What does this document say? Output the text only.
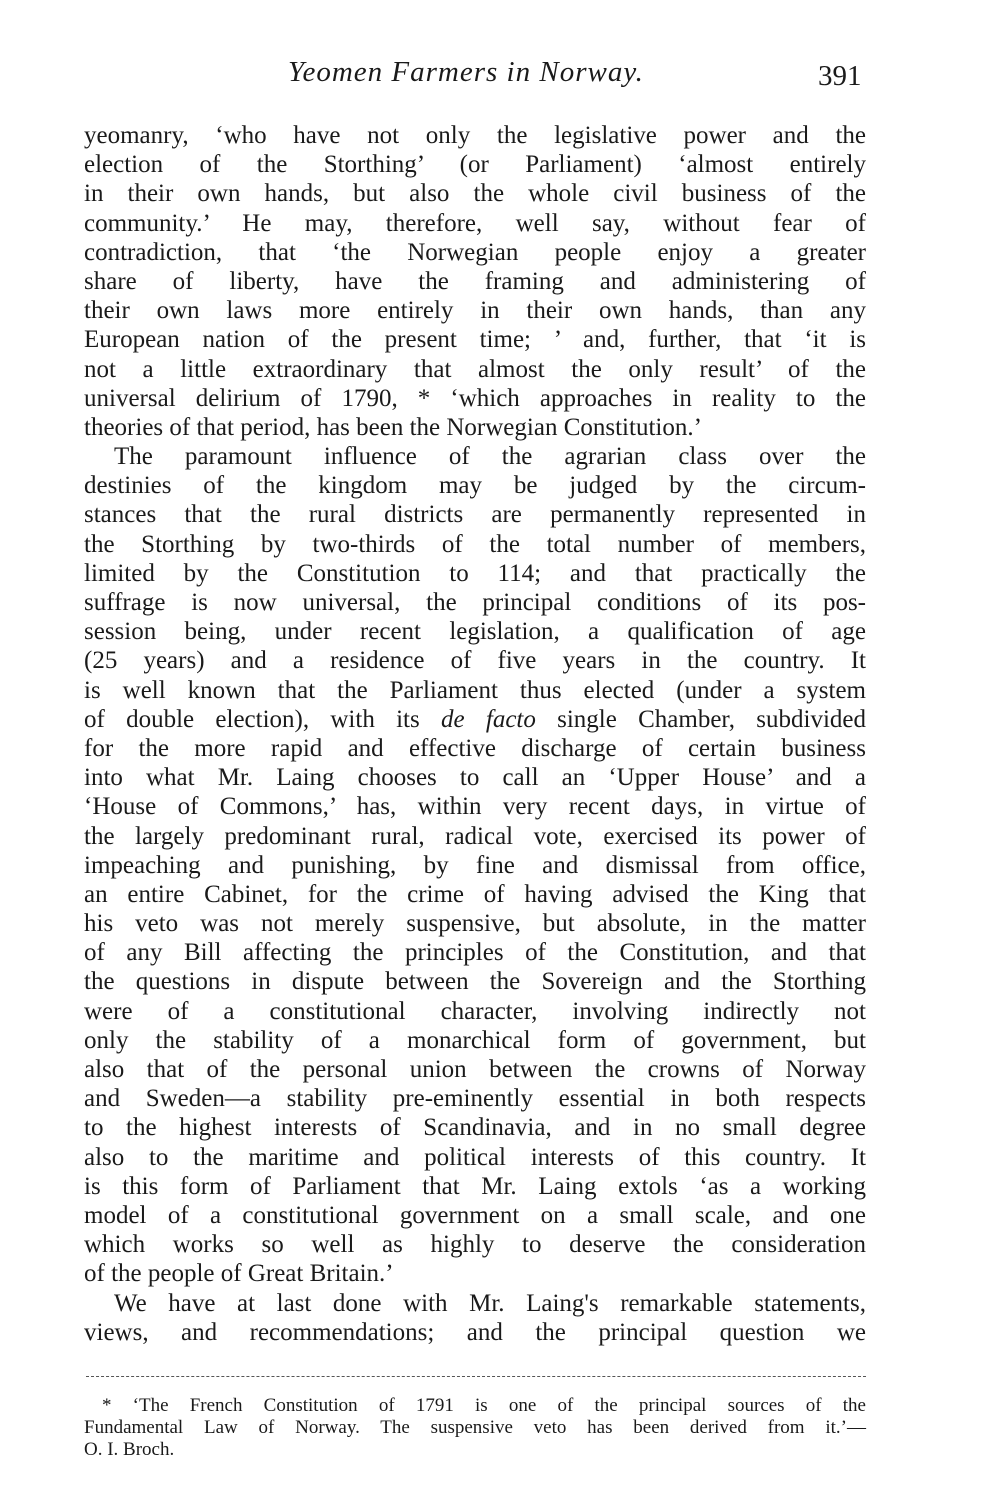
Yeomen Farmers in Norway.	391
yeomanry, ‘who have not only the legislative power and the
election of the Storthing’ (or Parliament) ‘almost entirely
in their own hands, but also the whole civil business of the
community.’ He may, therefore, well say, without fear of
contradiction, that ‘the Norwegian people enjoy a greater
share of liberty, have the framing and administering of
their own laws more entirely in their own hands, than any
European nation of the present time; ’ and, further, that ‘it is
not a little extraordinary that almost the only result’ of the
universal delirium of 1790, * ‘which approaches in reality to the
theories of that period, has been the Norwegian Constitution.’
The paramount influence of the agrarian class over the
destinies of the kingdom may be judged by the circum-
stances that the rural districts are permanently represented in
the Storthing by two-thirds of the total number of members,
limited by the Constitution to 114; and that practically the
suffrage is now universal, the principal conditions of its pos-
session being, under recent legislation, a qualification of age
(25 years) and a residence of five years in the country. It
is well known that the Parliament thus elected (under a system
of double election), with its de facto single Chamber, subdivided
for the more rapid and effective discharge of certain business
into what Mr. Laing chooses to call an ‘Upper House’ and a
‘House of Commons,’ has, within very recent days, in virtue of
the largely predominant rural, radical vote, exercised its power of
impeaching and punishing, by fine and dismissal from office,
an entire Cabinet, for the crime of having advised the King that
his veto was not merely suspensive, but absolute, in the matter
of any Bill affecting the principles of the Constitution, and that
the questions in dispute between the Sovereign and the Storthing
were of a constitutional character, involving indirectly not
only the stability of a monarchical form of government, but
also that of the personal union between the crowns of Norway
and Sweden—a stability pre-eminently essential in both respects
to the highest interests of Scandinavia, and in no small degree
also to the maritime and political interests of this country. It
is this form of Parliament that Mr. Laing extols ‘as a working
model of a constitutional government on a small scale, and one
which works so well as highly to deserve the consideration
of the people of Great Britain.’
We have at last done with Mr. Laing's remarkable statements,
views, and recommendations; and the principal question we
* ‘The French Constitution of 1791 is one of the principal sources of the
Fundamental Law of Norway. The suspensive veto has been derived from it.’—
O. I. Broch.
